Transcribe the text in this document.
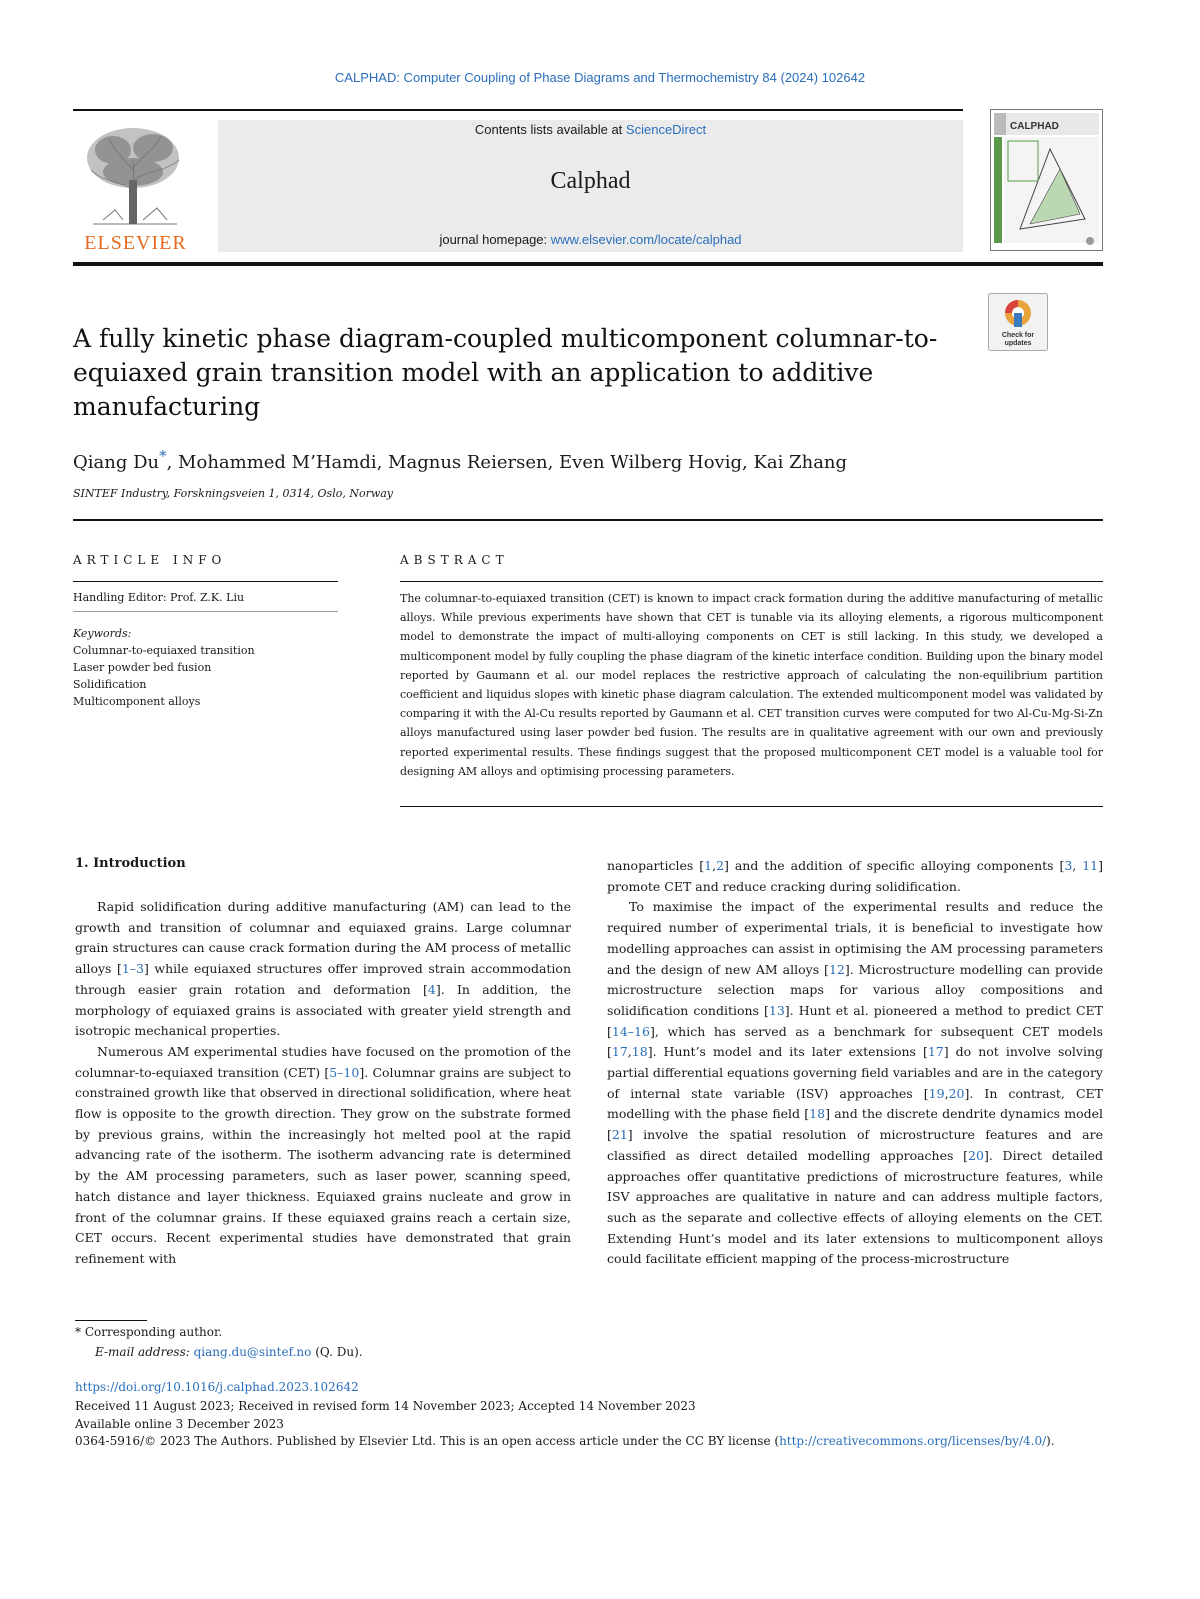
CALPHAD: Computer Coupling of Phase Diagrams and Thermochemistry 84 (2024) 102642
ELSEVIER
Contents lists available at ScienceDirect
Calphad
journal homepage: www.elsevier.com/locate/calphad
CALPHAD
Check for
updates
A fully kinetic phase diagram-coupled multicomponent columnar-to-equiaxed grain transition model with an application to additive manufacturing
Qiang Du*, Mohammed M’Hamdi, Magnus Reiersen, Even Wilberg Hovig, Kai Zhang
SINTEF Industry, Forskningsveien 1, 0314, Oslo, Norway
ARTICLE INFO
Handling Editor: Prof. Z.K. Liu
Keywords:
Columnar-to-equiaxed transition
Laser powder bed fusion
Solidification
Multicomponent alloys
ABSTRACT

The columnar-to-equiaxed transition (CET) is known to impact crack formation during the additive manufacturing of metallic alloys. While previous experiments have shown that CET is tunable via its alloying elements, a rigorous multicomponent model to demonstrate the impact of multi-alloying components on CET is still lacking. In this study, we developed a multicomponent model by fully coupling the phase diagram of the kinetic interface condition. Building upon the binary model reported by Gaumann et al. our model replaces the restrictive approach of calculating the non-equilibrium partition coefficient and liquidus slopes with kinetic phase diagram calculation. The extended multicomponent model was validated by comparing it with the Al-Cu results reported by Gaumann et al. CET transition curves were computed for two Al-Cu-Mg-Si-Zn alloys manufactured using laser powder bed fusion. The results are in qualitative agreement with our own and previously reported experimental results. These findings suggest that the proposed multicomponent CET model is a valuable tool for designing AM alloys and optimising processing parameters.

1. Introduction

Rapid solidification during additive manufacturing (AM) can lead to the growth and transition of columnar and equiaxed grains. Large columnar grain structures can cause crack formation during the AM process of metallic alloys [1–3] while equiaxed structures offer improved strain accommodation through easier grain rotation and deformation [4]. In addition, the morphology of equiaxed grains is associated with greater yield strength and isotropic mechanical properties.

Numerous AM experimental studies have focused on the promotion of the columnar-to-equiaxed transition (CET) [5–10]. Columnar grains are subject to constrained growth like that observed in directional solidification, where heat flow is opposite to the growth direction. They grow on the substrate formed by previous grains, within the increasingly hot melted pool at the rapid advancing rate of the isotherm. The isotherm advancing rate is determined by the AM processing parameters, such as laser power, scanning speed, hatch distance and layer thickness. Equiaxed grains nucleate and grow in front of the columnar grains. If these equiaxed grains reach a certain size, CET occurs. Recent experimental studies have demonstrated that grain refinement with

nanoparticles [1,2] and the addition of specific alloying components [3, 11] promote CET and reduce cracking during solidification.

To maximise the impact of the experimental results and reduce the required number of experimental trials, it is beneficial to investigate how modelling approaches can assist in optimising the AM processing parameters and the design of new AM alloys [12]. Microstructure modelling can provide microstructure selection maps for various alloy compositions and solidification conditions [13]. Hunt et al. pioneered a method to predict CET [14–16], which has served as a benchmark for subsequent CET models [17,18]. Hunt’s model and its later extensions [17] do not involve solving partial differential equations governing field variables and are in the category of internal state variable (ISV) approaches [19,20]. In contrast, CET modelling with the phase field [18] and the discrete dendrite dynamics model [21] involve the spatial resolution of microstructure features and are classified as direct detailed modelling approaches [20]. Direct detailed approaches offer quantitative predictions of microstructure features, while ISV approaches are qualitative in nature and can address multiple factors, such as the separate and collective effects of alloying elements on the CET. Extending Hunt’s model and its later extensions to multicomponent alloys could facilitate efficient mapping of the process-microstructure

* Corresponding author.
E-mail address: qiang.du@sintef.no (Q. Du).
https://doi.org/10.1016/j.calphad.2023.102642
Received 11 August 2023; Received in revised form 14 November 2023; Accepted 14 November 2023
Available online 3 December 2023
0364-5916/© 2023 The Authors. Published by Elsevier Ltd. This is an open access article under the CC BY license (http://creativecommons.org/licenses/by/4.0/).
